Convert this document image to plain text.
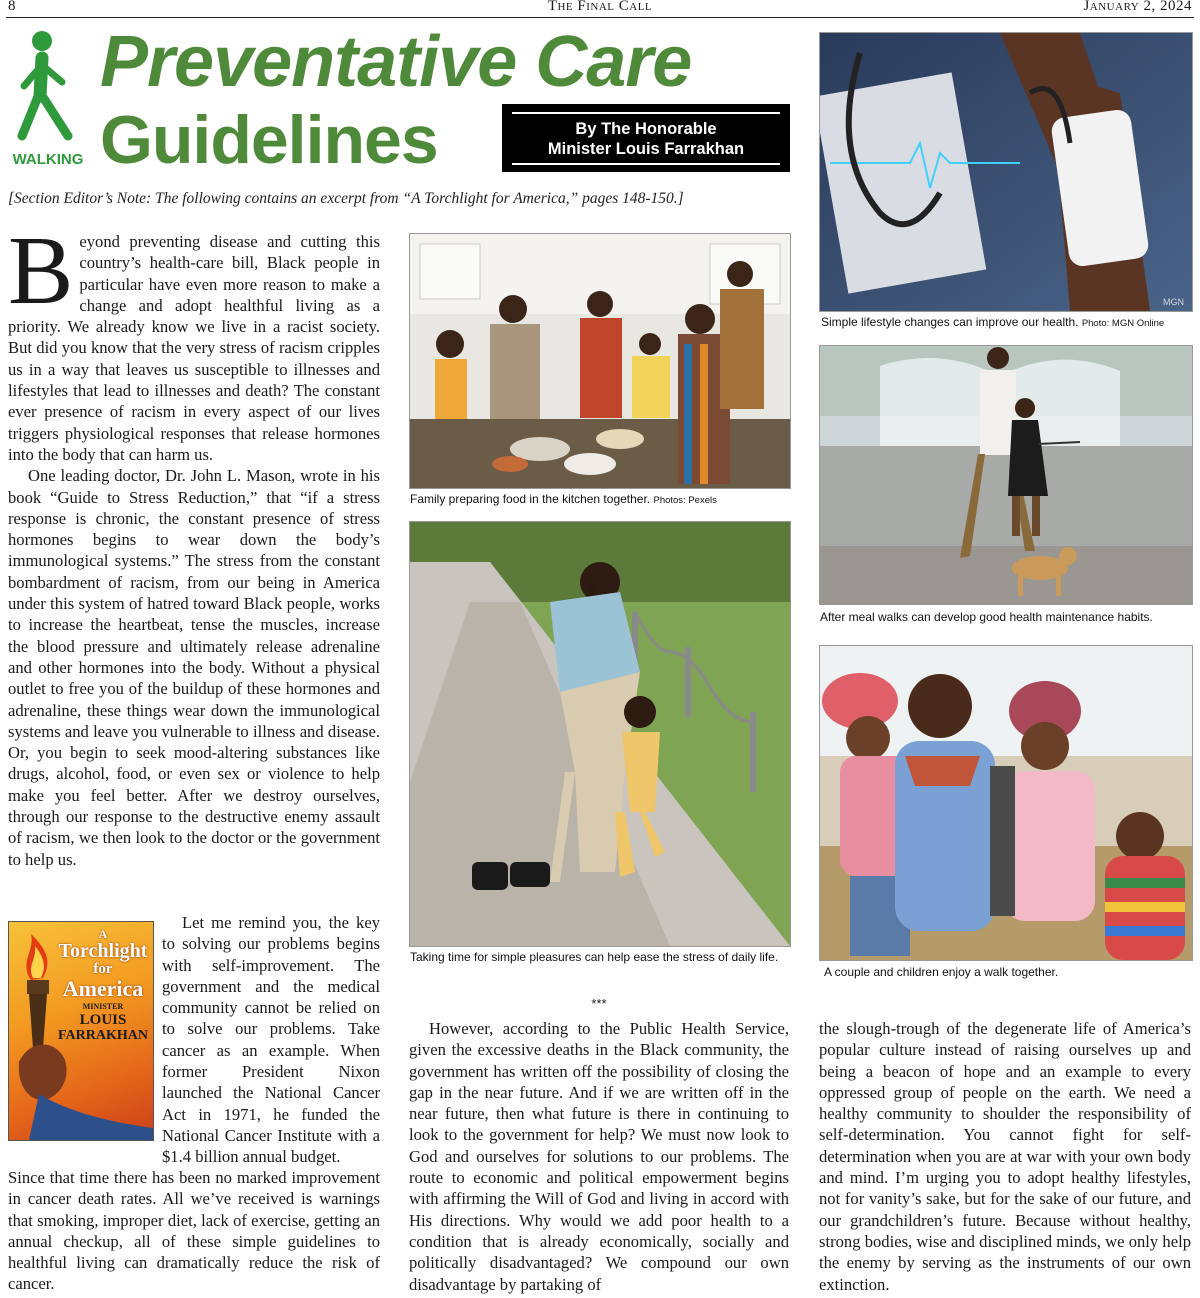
8	The Final Call	January 2, 2024
WALKING
Preventative Care
Guidelines	By The Honorable
Minister Louis Farrakhan
[Section Editor’s Note: The following contains an excerpt from “A Torchlight for America,” pages 148-150.]

Beyond preventing disease and cutting this country’s health-care bill, Black people in particular have even more reason to make a change and adopt healthful living as a priority. We already know we live in a racist society. But did you know that the very stress of racism cripples us in a way that leaves us susceptible to illnesses and lifestyles that lead to illnesses and death? The constant ever presence of racism in every aspect of our lives triggers physiological responses that release hormones into the body that can harm us.

One leading doctor, Dr. John L. Mason, wrote in his book “Guide to Stress Reduction,” that “if a stress response is chronic, the constant presence of stress hormones begins to wear down the body’s immunological systems.” The stress from the constant bombardment of racism, from our being in America under this system of hatred toward Black people, works to increase the heartbeat, tense the muscles, increase the blood pressure and ultimately release adrenaline and other hormones into the body. Without a physical outlet to free you of the buildup of these hormones and adrenaline, these things wear down the immunological systems and leave you vulnerable to illness and disease. Or, you begin to seek mood-altering substances like drugs, alcohol, food, or even sex or violence to help make you feel better. After we destroy ourselves, through our response to the destructive enemy assault of racism, we then look to the doctor or the government to help us.

A
Torchlight
for
America
MINISTER
LOUIS
FARRAKHAN

Let me remind you, the key to solving our problems begins with self-improvement. The government and the medical community cannot be relied on to solve our problems. Take cancer as an example. When former President Nixon launched the National Cancer Act in 1971, he funded the National Cancer Institute with a $1.4 billion annual budget.

Since that time there has been no marked improvement in cancer death rates. All we’ve received is warnings that smoking, improper diet, lack of exercise, getting an annual checkup, all of these simple guidelines to healthful living can dramatically reduce the risk of cancer.

Family preparing food in the kitchen together. Photos: Pexels
Taking time for simple pleasures can help ease the stress of daily life.
***

However, according to the Public Health Service, given the excessive deaths in the Black community, the government has written off the possibility of closing the gap in the near future. And if we are written off in the near future, then what future is there in continuing to look to the government for help? We must now look to God and ourselves for solutions to our problems. The route to economic and political empowerment begins with affirming the Will of God and living in accord with His directions. Why would we add poor health to a condition that is already economically, socially and politically disadvantaged? We compound our own disadvantage by partaking of

MGN
Simple lifestyle changes can improve our health. Photo: MGN Online
After meal walks can develop good health maintenance habits.
A couple and children enjoy a walk together.

the slough-trough of the degenerate life of America’s popular culture instead of raising ourselves up and being a beacon of hope and an example to every oppressed group of people on the earth. We need a healthy community to shoulder the responsibility of self-determination. You cannot fight for self-determination when you are at war with your own body and mind. I’m urging you to adopt healthy lifestyles, not for vanity’s sake, but for the sake of our future, and our grandchildren’s future. Because without healthy, strong bodies, wise and disciplined minds, we only help the enemy by serving as the instruments of our own extinction.
